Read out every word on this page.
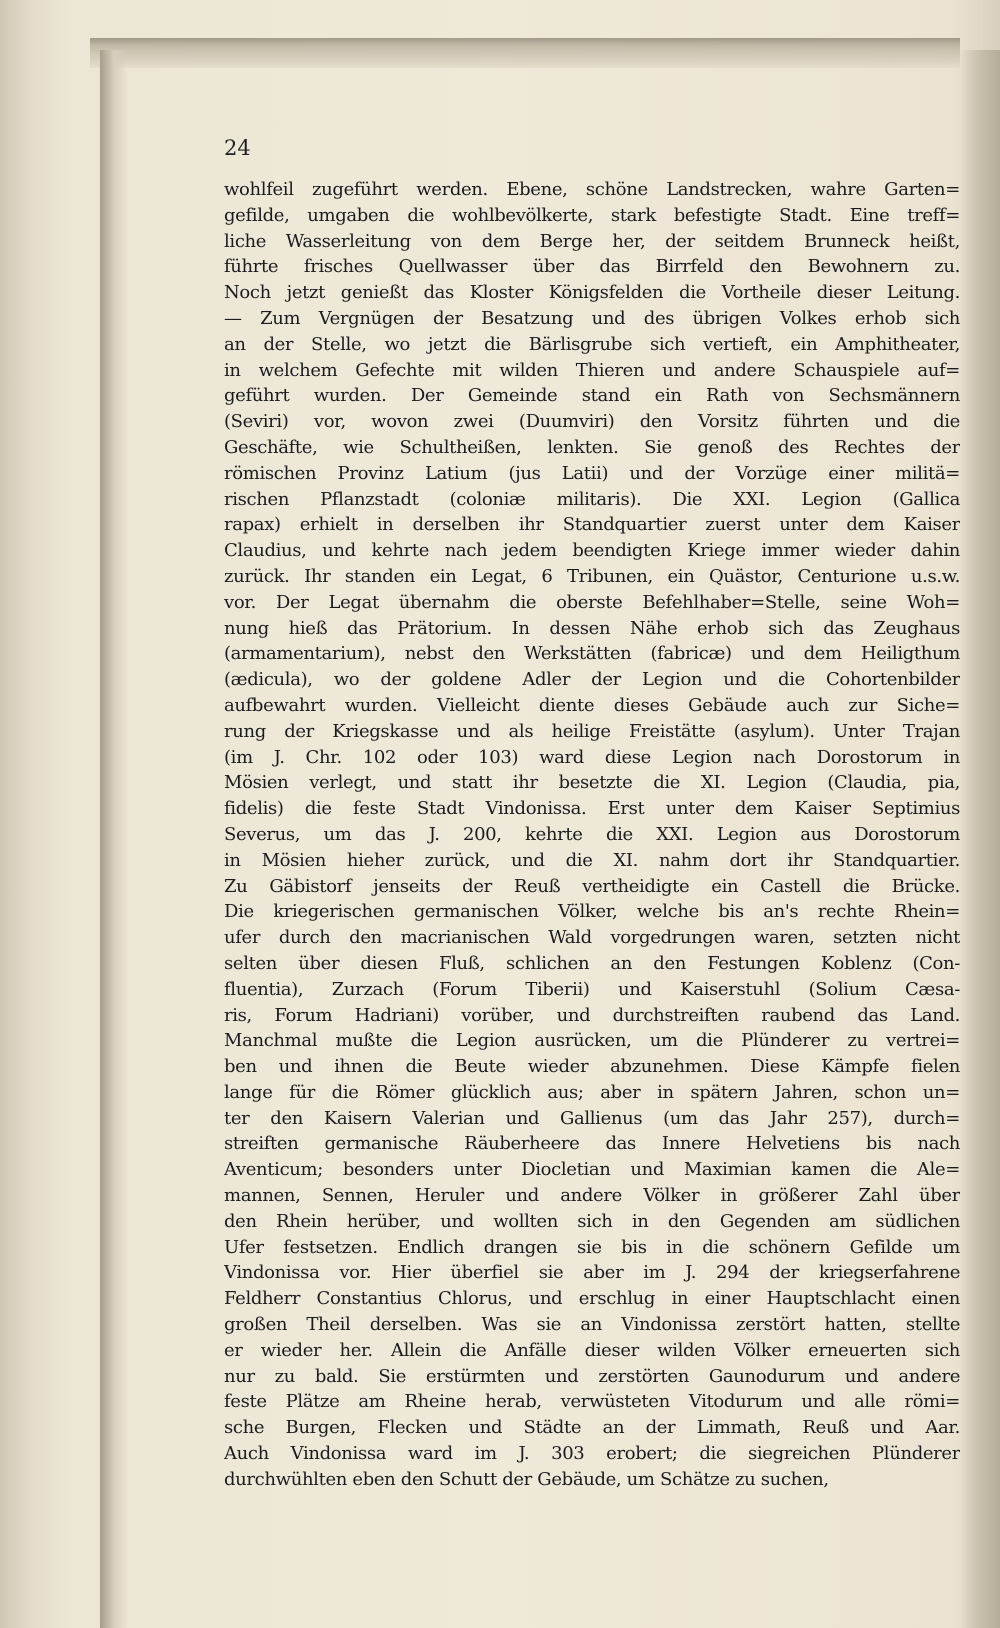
24
wohlfeil zugeführt werden. Ebene, schöne Landstrecken, wahre Garten=
gefilde, umgaben die wohlbevölkerte, stark befestigte Stadt. Eine treff=
liche Wasserleitung von dem Berge her, der seitdem Brunneck heißt,
führte frisches Quellwasser über das Birrfeld den Bewohnern zu.
Noch jetzt genießt das Kloster Königsfelden die Vortheile dieser Leitung.
— Zum Vergnügen der Besatzung und des übrigen Volkes erhob sich
an der Stelle, wo jetzt die Bärlisgrube sich vertieft, ein Amphitheater,
in welchem Gefechte mit wilden Thieren und andere Schauspiele auf=
geführt wurden. Der Gemeinde stand ein Rath von Sechsmännern
(Seviri) vor, wovon zwei (Duumviri) den Vorsitz führten und die
Geschäfte, wie Schultheißen, lenkten. Sie genoß des Rechtes der
römischen Provinz Latium (jus Latii) und der Vorzüge einer militä=
rischen Pflanzstadt (coloniæ militaris). Die XXI. Legion (Gallica
rapax) erhielt in derselben ihr Standquartier zuerst unter dem Kaiser
Claudius, und kehrte nach jedem beendigten Kriege immer wieder dahin
zurück. Ihr standen ein Legat, 6 Tribunen, ein Quästor, Centurione u.s.w.
vor. Der Legat übernahm die oberste Befehlhaber=Stelle, seine Woh=
nung hieß das Prätorium. In dessen Nähe erhob sich das Zeughaus
(armamentarium), nebst den Werkstätten (fabricæ) und dem Heiligthum
(ædicula), wo der goldene Adler der Legion und die Cohortenbilder
aufbewahrt wurden. Vielleicht diente dieses Gebäude auch zur Siche=
rung der Kriegskasse und als heilige Freistätte (asylum). Unter Trajan
(im J. Chr. 102 oder 103) ward diese Legion nach Dorostorum in
Mösien verlegt, und statt ihr besetzte die XI. Legion (Claudia, pia,
fidelis) die feste Stadt Vindonissa. Erst unter dem Kaiser Septimius
Severus, um das J. 200, kehrte die XXI. Legion aus Dorostorum
in Mösien hieher zurück, und die XI. nahm dort ihr Standquartier.
Zu Gäbistorf jenseits der Reuß vertheidigte ein Castell die Brücke.
Die kriegerischen germanischen Völker, welche bis an's rechte Rhein=
ufer durch den macrianischen Wald vorgedrungen waren, setzten nicht
selten über diesen Fluß, schlichen an den Festungen Koblenz (Con-
fluentia), Zurzach (Forum Tiberii) und Kaiserstuhl (Solium Cæsa-
ris, Forum Hadriani) vorüber, und durchstreiften raubend das Land.
Manchmal mußte die Legion ausrücken, um die Plünderer zu vertrei=
ben und ihnen die Beute wieder abzunehmen. Diese Kämpfe fielen
lange für die Römer glücklich aus; aber in spätern Jahren, schon un=
ter den Kaisern Valerian und Gallienus (um das Jahr 257), durch=
streiften germanische Räuberheere das Innere Helvetiens bis nach
Aventicum; besonders unter Diocletian und Maximian kamen die Ale=
mannen, Sennen, Heruler und andere Völker in größerer Zahl über
den Rhein herüber, und wollten sich in den Gegenden am südlichen
Ufer festsetzen. Endlich drangen sie bis in die schönern Gefilde um
Vindonissa vor. Hier überfiel sie aber im J. 294 der kriegserfahrene
Feldherr Constantius Chlorus, und erschlug in einer Hauptschlacht einen
großen Theil derselben. Was sie an Vindonissa zerstört hatten, stellte
er wieder her. Allein die Anfälle dieser wilden Völker erneuerten sich
nur zu bald. Sie erstürmten und zerstörten Gaunodurum und andere
feste Plätze am Rheine herab, verwüsteten Vitodurum und alle römi=
sche Burgen, Flecken und Städte an der Limmath, Reuß und Aar.
Auch Vindonissa ward im J. 303 erobert; die siegreichen Plünderer
durchwühlten eben den Schutt der Gebäude, um Schätze zu suchen,
